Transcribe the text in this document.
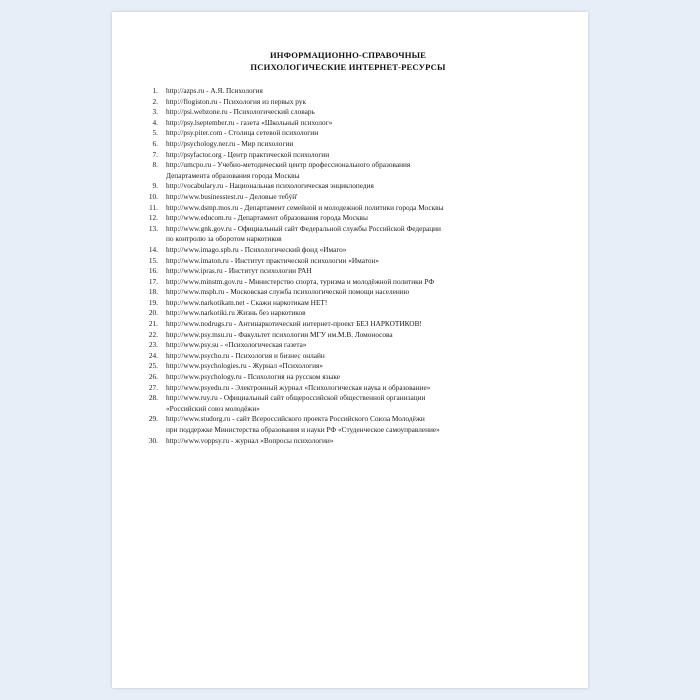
ИНФОРМАЦИОННО-СПРАВОЧНЫЕ
ПСИХОЛОГИЧЕСКИЕ ИНТЕРНЕТ-РЕСУРСЫ
1.	http://azps.ru - А.Я. Психология
2.	http://flogiston.ru - Психология из первых рук
3.	http://psi.webzone.ru - Психологический словарь
4.	http://psy.lseptember.ru - газета «Школьный психолог»
5.	http://psy.piter.com - Столица сетевой психологии
6.	http://psychology.ner.ru - Мир психологии
7.	http://psyfactor.org - Центр практической психологии
8.	http://umcpo.ru - Учебно-методический центр профессионального образования
Департамента образования города Москвы
9.	http://vocabulary.ru - Национальная психологическая энциклопедия
10.	http://www.businesstest.ru - Деловые тебýй'
11.	http://www.dsmp.mos.ru - Департамент семейной и молодежной политики города Москвы
12.	http://www.educom.ru - Департамент образования города Москвы
13.	http://www.gnk.gov.ru - Официальный сайт Федеральной службы Российской Федерации
по контролю за оборотом наркотиков
14.	http://www.imago.spb.ru - Психологический фонд «Имаго»
15.	http://www.imaton.ru - Институт практической психологии «Иматон»
16.	http://www.ipras.ru - Институт психологии РАН
17.	http://www.minstm.gov.ru - Министерство спорта, туризма и молодёжной политики РФ
18.	http://www.msph.ru - Московская служба психологической помощи населению
19.	http://www.narkotikam.net - Скажи наркотикам НЕТ!
20.	http://www.narkotiki.ru Жизнь без наркотиков
21.	http://www.nodrugs.ru - Антинаркотический интернет-проект БЕЗ НАРКОТИКОВ!
22.	http://www.psy.msu.ru - Факультет психологии МГУ им.М.В. Ломоносова
23.	http://www.psy.su - «Психологическая газета»
24.	http://www.psycho.ru - Психология и бизнес онлайн
25.	http://www.psychologies.ru - Журнал «Психология»
26.	http://www.psychology.ru - Психология на русском языке
27.	http://www.psyedu.ru - Электронный журнал «Психологическая наука и образование»
28.	http://www.ruy.ru - Официальный сайт общероссийской общественной организации
«Российский союз молодёжи»
29.	http://www.studorg.ru - сайт Всероссийского проекта Российского Союза Молодёжи
при поддержке Министерства образования и науки РФ «Студенческое самоуправление»
30.	http://www.voppsy.ru - журнал «Вопросы психологии»
